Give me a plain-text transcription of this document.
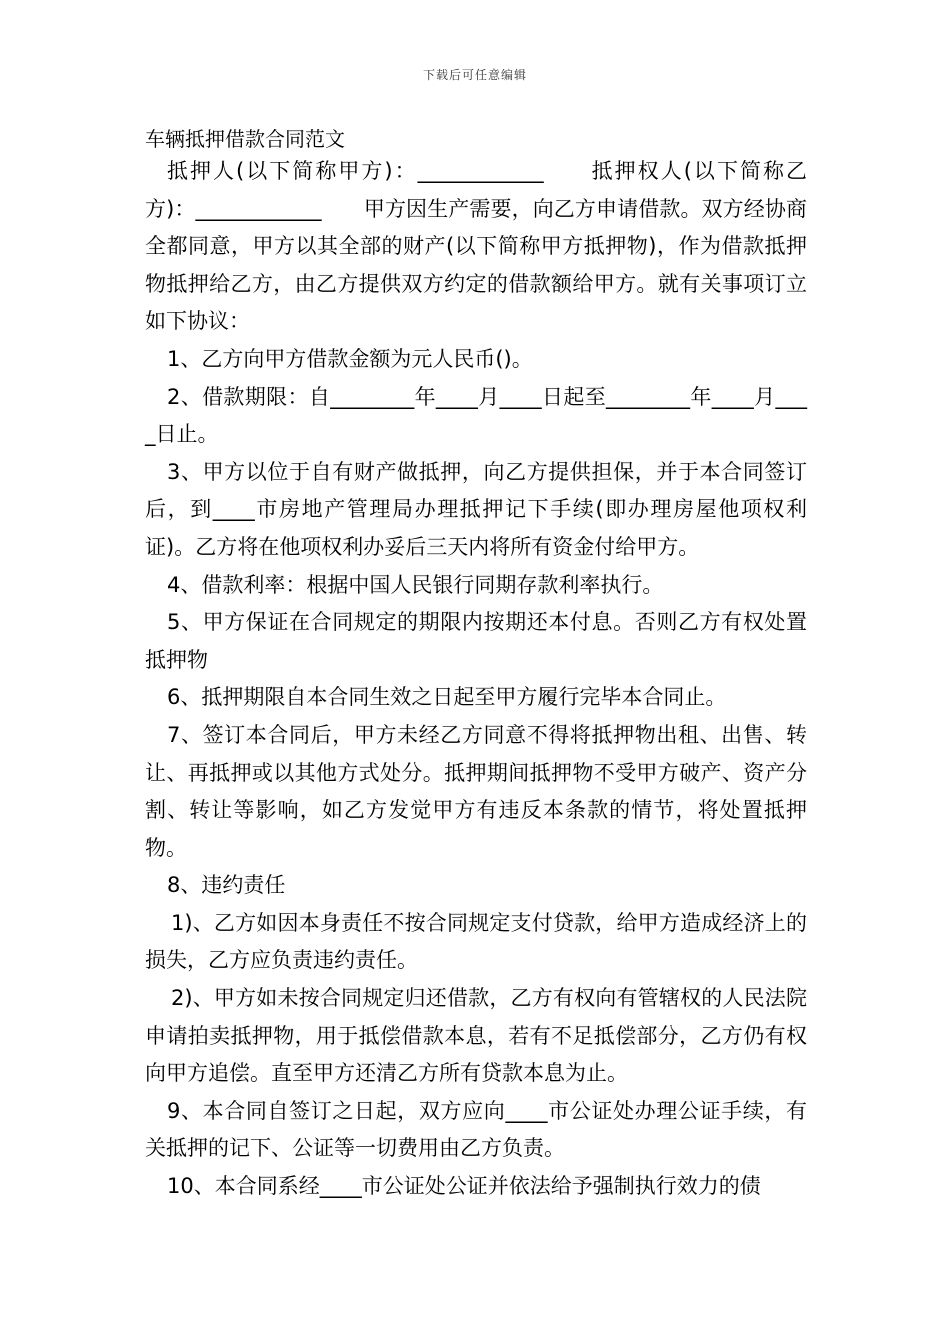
下载后可任意编辑
车辆抵押借款合同范文

抵押人(以下简称甲方)：____________　　抵押权人(以下简称乙方)：____________　　甲方因生产需要，向乙方申请借款。双方经协商全都同意，甲方以其全部的财产(以下简称甲方抵押物)，作为借款抵押物抵押给乙方，由乙方提供双方约定的借款额给甲方。就有关事项订立如下协议：

1、乙方向甲方借款金额为元人民币()。

2、借款期限：自________年____月____日起至________年____月____日止。

3、甲方以位于自有财产做抵押，向乙方提供担保，并于本合同签订后，到____市房地产管理局办理抵押记下手续(即办理房屋他项权利证)。乙方将在他项权利办妥后三天内将所有资金付给甲方。

4、借款利率：根据中国人民银行同期存款利率执行。

5、甲方保证在合同规定的期限内按期还本付息。否则乙方有权处置抵押物

6、抵押期限自本合同生效之日起至甲方履行完毕本合同止。

7、签订本合同后，甲方未经乙方同意不得将抵押物出租、出售、转让、再抵押或以其他方式处分。抵押期间抵押物不受甲方破产、资产分割、转让等影响，如乙方发觉甲方有违反本条款的情节，将处置抵押物。

8、违约责任

1)、乙方如因本身责任不按合同规定支付贷款，给甲方造成经济上的损失，乙方应负责违约责任。

2)、甲方如未按合同规定归还借款，乙方有权向有管辖权的人民法院申请拍卖抵押物，用于抵偿借款本息，若有不足抵偿部分，乙方仍有权向甲方追偿。直至甲方还清乙方所有贷款本息为止。

9、本合同自签订之日起，双方应向____市公证处办理公证手续，有关抵押的记下、公证等一切费用由乙方负责。

10、本合同系经____市公证处公证并依法给予强制执行效力的债
